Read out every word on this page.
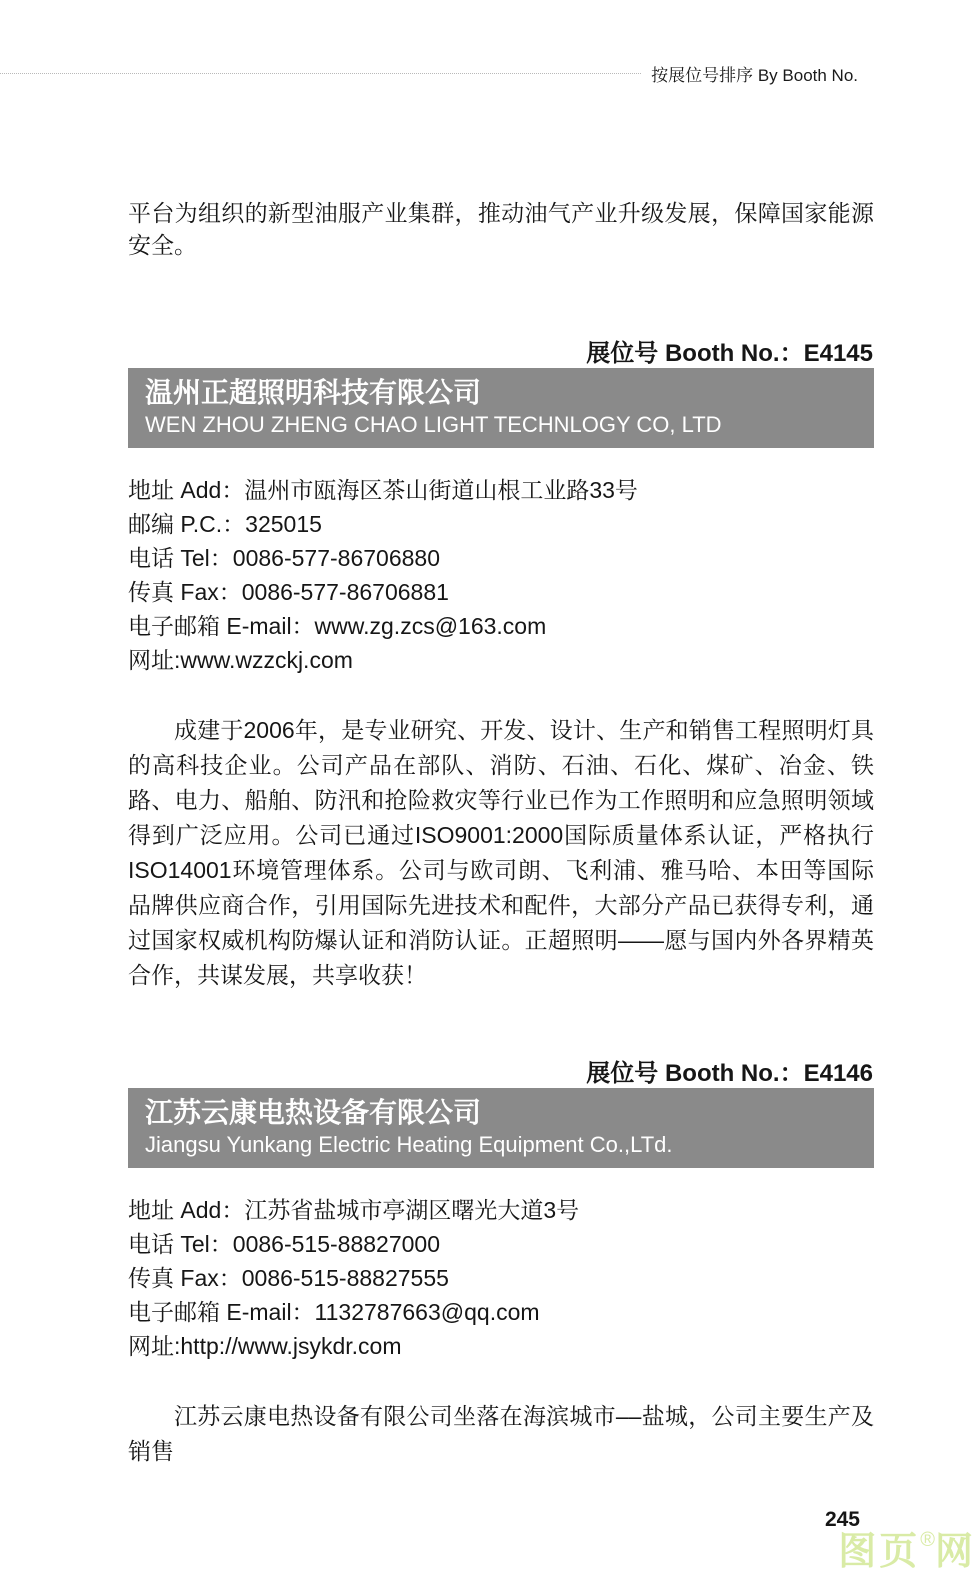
按展位号排序 By Booth No.
平台为组织的新型油服产业集群，推动油气产业升级发展，保障国家能源安全。
展位号 Booth No.：E4145
温州正超照明科技有限公司
WEN ZHOU ZHENG CHAO LIGHT TECHNLOGY CO, LTD
地址 Add：温州市瓯海区茶山街道山根工业路33号
邮编 P.C.：325015
电话 Tel：0086-577-86706880
传真 Fax：0086-577-86706881
电子邮箱 E-mail：www.zg.zcs@163.com
网址:www.wzzckj.com
成建于2006年，是专业研究、开发、设计、生产和销售工程照明灯具的高科技企业。公司产品在部队、消防、石油、石化、煤矿、冶金、铁路、电力、船舶、防汛和抢险救灾等行业已作为工作照明和应急照明领域得到广泛应用。公司已通过ISO9001:2000国际质量体系认证，严格执行ISO14001环境管理体系。公司与欧司朗、飞利浦、雅马哈、本田等国际品牌供应商合作，引用国际先进技术和配件，大部分产品已获得专利，通过国家权威机构防爆认证和消防认证。正超照明——愿与国内外各界精英合作，共谋发展，共享收获！
展位号 Booth No.：E4146
江苏云康电热设备有限公司
Jiangsu Yunkang Electric Heating Equipment Co.,LTd.
地址 Add：江苏省盐城市亭湖区曙光大道3号
电话 Tel：0086-515-88827000
传真 Fax：0086-515-88827555
电子邮箱 E-mail：1132787663@qq.com
网址:http://www.jsykdr.com
江苏云康电热设备有限公司坐落在海滨城市––盐城，公司主要生产及销售
245
图页®网
